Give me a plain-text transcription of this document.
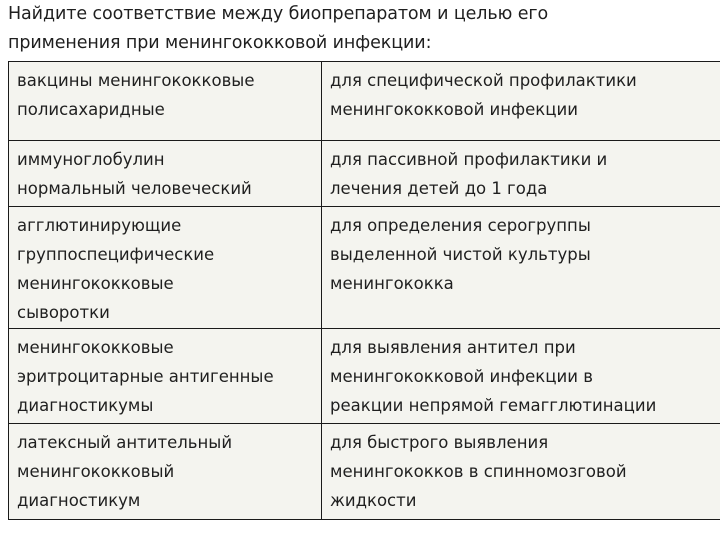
Найдите соответствие между биопрепаратом и целью его
применения при менингококковой инфекции:
вакцины менингококковые
полисахаридные
для специфической профилактики
менингококковой инфекции
иммуноглобулин
нормальный человеческий
для пассивной профилактики и
лечения детей до 1 года
агглютинирующие
группоспецифические
менингококковые
сыворотки
для определения серогруппы
выделенной чистой культуры
менингококка
менингококковые
эритроцитарные антигенные
диагностикумы
для выявления антител при
менингококковой инфекции в
реакции непрямой гемагглютинации
латексный антительный
менингококковый
диагностикум
для быстрого выявления
менингококков в спинномозговой
жидкости
